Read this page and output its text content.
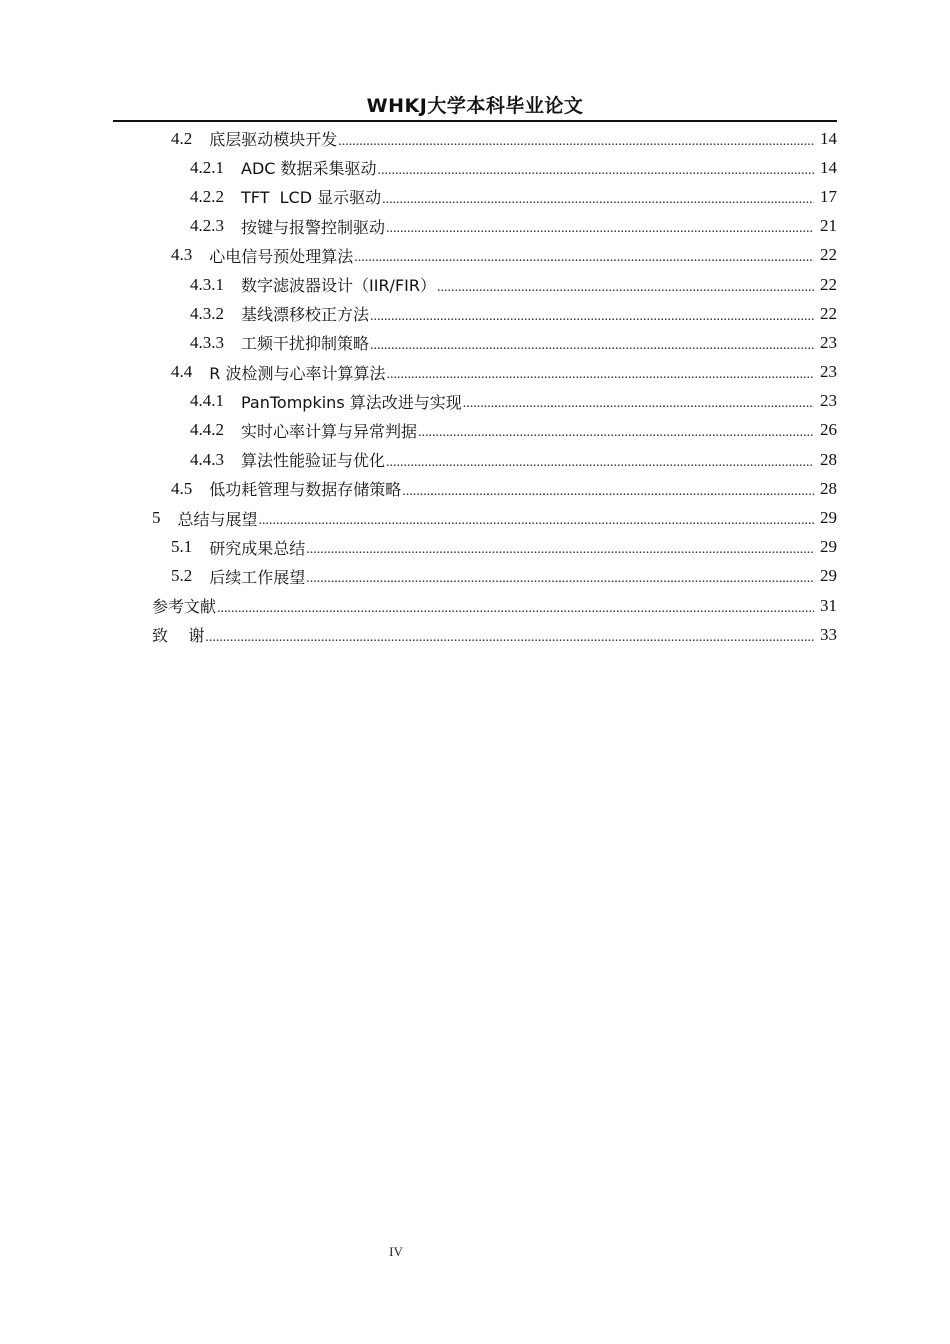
WHKJ大学本科毕业论文
4.2 底层驱动模块开发 .....	14
4.2.1 ADC 数据采集驱动 .....	14
4.2.2 TFT  LCD 显示驱动 .....	17
4.2.3 按键与报警控制驱动 .....	21
4.3 心电信号预处理算法 .....	22
4.3.1 数字滤波器设计（IIR/FIR） .....	22
4.3.2 基线漂移校正方法 .....	22
4.3.3 工频干扰抑制策略 .....	23
4.4 R 波检测与心率计算算法 .....	23
4.4.1 PanTompkins 算法改进与实现 .....	23
4.4.2 实时心率计算与异常判据 .....	26
4.4.3 算法性能验证与优化 .....	28
4.5 低功耗管理与数据存储策略 .....	28
5 总结与展望 .....	29
5.1 研究成果总结 .....	29
5.2 后续工作展望 .....	29
参考文献 .....	31
致    谢 .....	33
IV
